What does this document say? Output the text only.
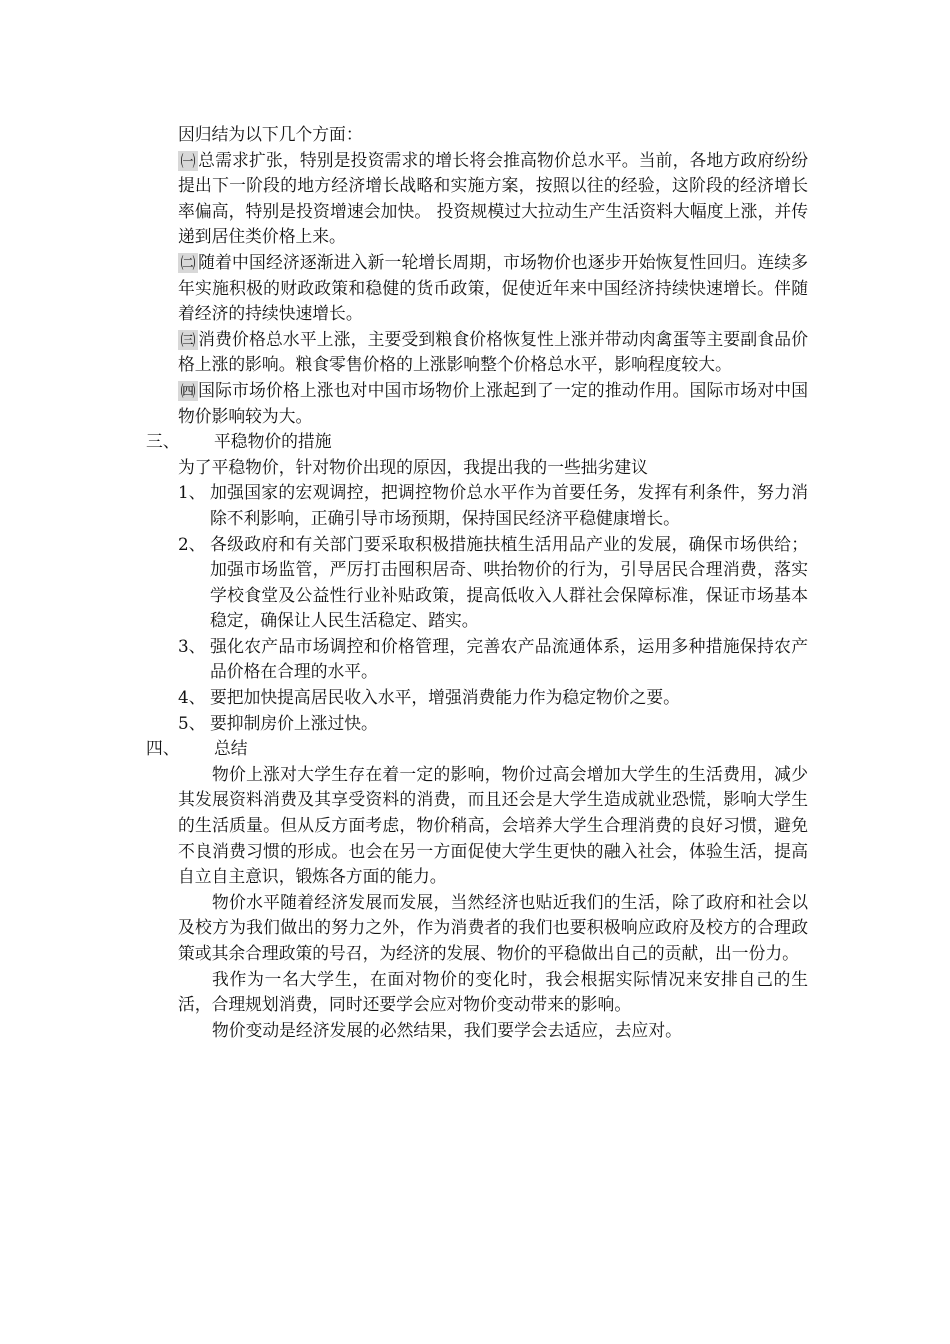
因归结为以下几个方面：

㈠ 总需求扩张，特别是投资需求的增长将会推高物价总水平。当前，各地方政府纷纷提出下一阶段的地方经济增长战略和实施方案，按照以往的经验，这阶段的经济增长率偏高，特别是投资增速会加快。 投资规模过大拉动生产生活资料大幅度上涨，并传递到居住类价格上来。

㈡ 随着中国经济逐渐进入新一轮增长周期，市场物价也逐步开始恢复性回归。连续多年实施积极的财政政策和稳健的货币政策，促使近年来中国经济持续快速增长。伴随着经济的持续快速增长。

㈢ 消费价格总水平上涨，主要受到粮食价格恢复性上涨并带动肉禽蛋等主要副食品价格上涨的影响。粮食零售价格的上涨影响整个价格总水平，影响程度较大。

㈣ 国际市场价格上涨也对中国市场物价上涨起到了一定的推动作用。国际市场对中国物价影响较为大。

三、	平稳物价的措施

为了平稳物价，针对物价出现的原因，我提出我的一些拙劣建议

1、 加强国家的宏观调控，把调控物价总水平作为首要任务，发挥有利条件，努力消除不利影响，正确引导市场预期，保持国民经济平稳健康增长。
2、 各级政府和有关部门要采取积极措施扶植生活用品产业的发展，确保市场供给；加强市场监管，严厉打击囤积居奇、哄抬物价的行为，引导居民合理消费，落实学校食堂及公益性行业补贴政策，提高低收入人群社会保障标准，保证市场基本稳定，确保让人民生活稳定、踏实。
3、 强化农产品市场调控和价格管理，完善农产品流通体系，运用多种措施保持农产品价格在合理的水平。
4、 要把加快提高居民收入水平，增强消费能力作为稳定物价之要。
5、 要抑制房价上涨过快。
四、	总结

物价上涨对大学生存在着一定的影响，物价过高会增加大学生的生活费用，减少其发展资料消费及其享受资料的消费，而且还会是大学生造成就业恐慌，影响大学生的生活质量。但从反方面考虑，物价稍高，会培养大学生合理消费的良好习惯，避免不良消费习惯的形成。也会在另一方面促使大学生更快的融入社会，体验生活，提高自立自主意识，锻炼各方面的能力。

物价水平随着经济发展而发展，当然经济也贴近我们的生活，除了政府和社会以及校方为我们做出的努力之外，作为消费者的我们也要积极响应政府及校方的合理政策或其余合理政策的号召，为经济的发展、物价的平稳做出自己的贡献，出一份力。

我作为一名大学生，在面对物价的变化时，我会根据实际情况来安排自己的生活，合理规划消费，同时还要学会应对物价变动带来的影响。

物价变动是经济发展的必然结果，我们要学会去适应，去应对。
